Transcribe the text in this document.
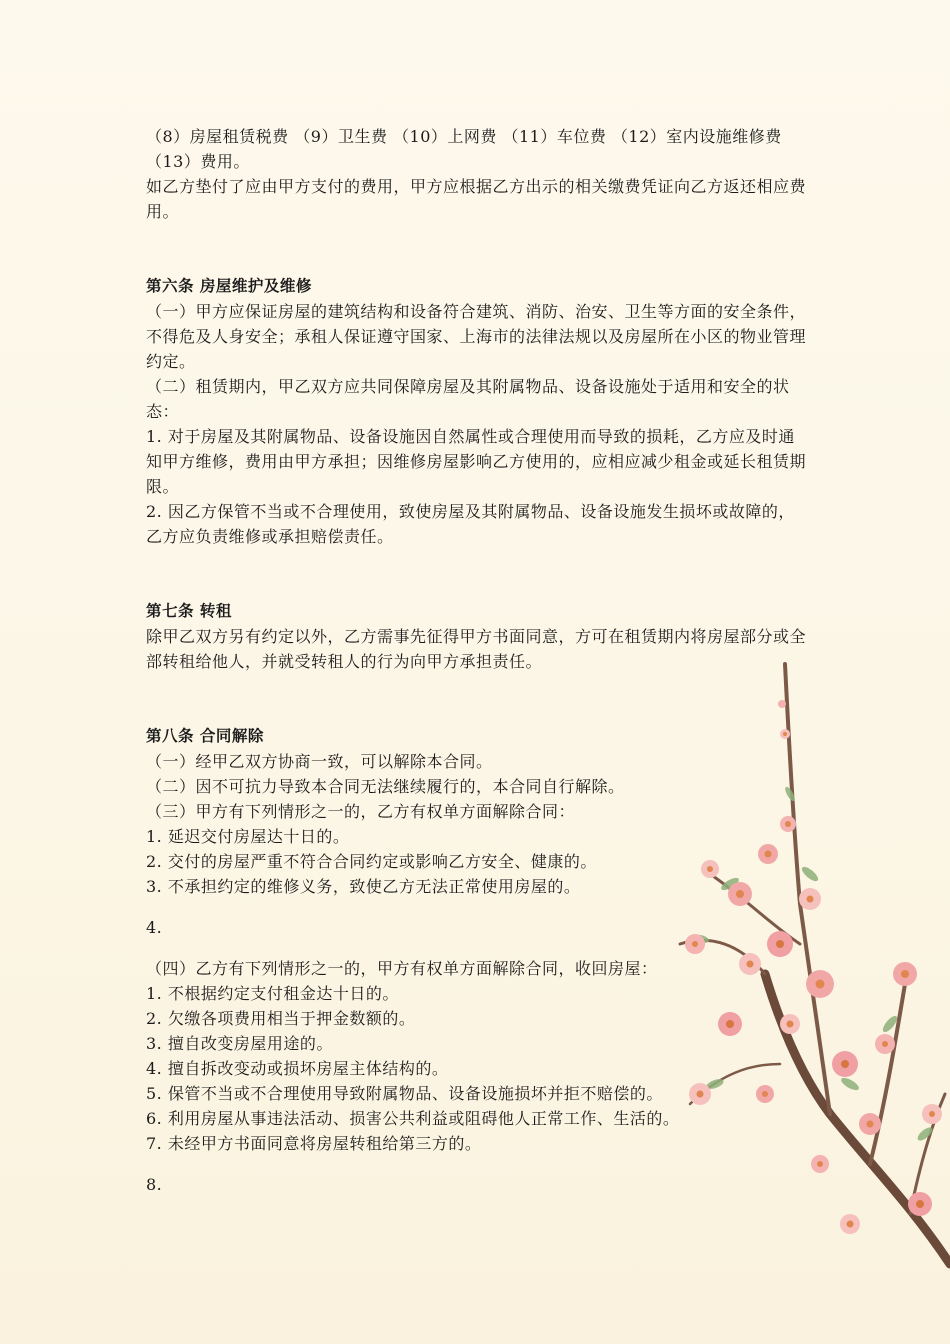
（8）房屋租赁税费 （9）卫生费 （10）上网费 （11）车位费 （12）室内设施维修费 （13）费用。

如乙方垫付了应由甲方支付的费用，甲方应根据乙方出示的相关缴费凭证向乙方返还相应费用。

第六条 房屋维护及维修

（一）甲方应保证房屋的建筑结构和设备符合建筑、消防、治安、卫生等方面的安全条件，不得危及人身安全；承租人保证遵守国家、上海市的法律法规以及房屋所在小区的物业管理约定。

（二）租赁期内，甲乙双方应共同保障房屋及其附属物品、设备设施处于适用和安全的状态：

1. 对于房屋及其附属物品、设备设施因自然属性或合理使用而导致的损耗，乙方应及时通知甲方维修，费用由甲方承担；因维修房屋影响乙方使用的，应相应减少租金或延长租赁期限。

2. 因乙方保管不当或不合理使用，致使房屋及其附属物品、设备设施发生损坏或故障的，乙方应负责维修或承担赔偿责任。

第七条 转租

除甲乙双方另有约定以外，乙方需事先征得甲方书面同意，方可在租赁期内将房屋部分或全部转租给他人，并就受转租人的行为向甲方承担责任。

第八条 合同解除

（一）经甲乙双方协商一致，可以解除本合同。

（二）因不可抗力导致本合同无法继续履行的，本合同自行解除。

（三）甲方有下列情形之一的，乙方有权单方面解除合同：

1. 延迟交付房屋达十日的。

2. 交付的房屋严重不符合合同约定或影响乙方安全、健康的。

3. 不承担约定的维修义务，致使乙方无法正常使用房屋的。

4.

（四）乙方有下列情形之一的，甲方有权单方面解除合同，收回房屋：

1. 不根据约定支付租金达十日的。

2. 欠缴各项费用相当于押金数额的。

3. 擅自改变房屋用途的。

4. 擅自拆改变动或损坏房屋主体结构的。

5. 保管不当或不合理使用导致附属物品、设备设施损坏并拒不赔偿的。

6. 利用房屋从事违法活动、损害公共利益或阻碍他人正常工作、生活的。

7. 未经甲方书面同意将房屋转租给第三方的。

8.
